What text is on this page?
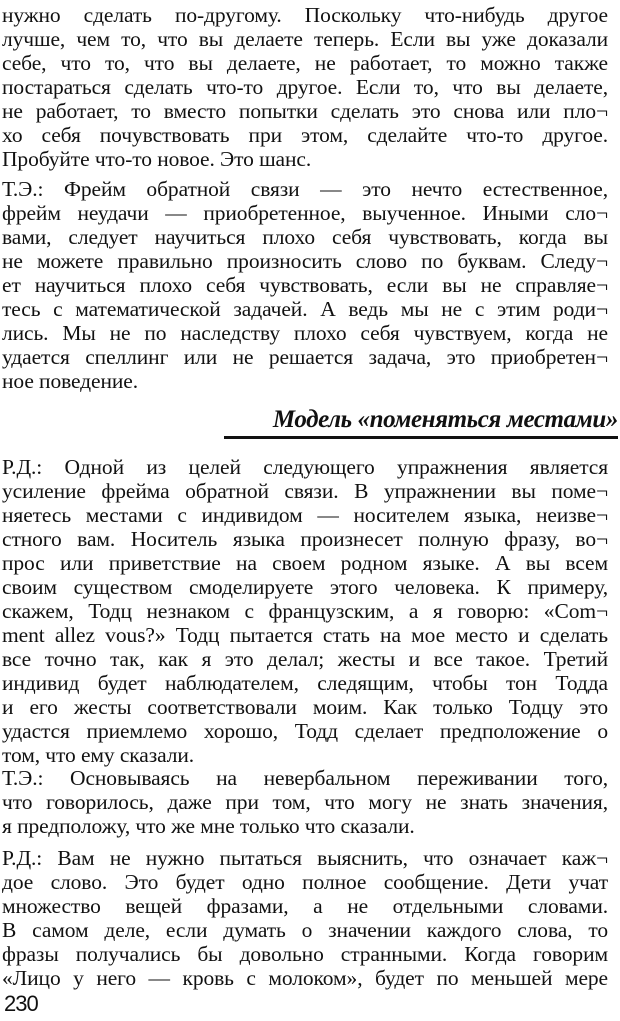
нужно сделать по-другому. Поскольку что-нибудь другое
лучше, чем то, что вы делаете теперь. Если вы уже доказали
себе, что то, что вы делаете, не работает, то можно также
постараться сделать что-то другое. Если то, что вы делаете,
не работает, то вместо попытки сделать это снова или пло¬
хо себя почувствовать при этом, сделайте что-то другое.
Пробуйте что-то новое. Это шанс.
Т.Э.: Фрейм обратной связи — это нечто естественное,
фрейм неудачи — приобретенное, выученное. Иными сло¬
вами, следует научиться плохо себя чувствовать, когда вы
не можете правильно произносить слово по буквам. Следу¬
ет научиться плохо себя чувствовать, если вы не справляе¬
тесь с математической задачей. А ведь мы не с этим роди¬
лись. Мы не по наследству плохо себя чувствуем, когда не
удается спеллинг или не решается задача, это приобретен¬
ное поведение.
Модель «поменяться местами»
Р.Д.: Одной из целей следующего упражнения является
усиление фрейма обратной связи. В упражнении вы поме¬
няетесь местами с индивидом — носителем языка, неизве¬
стного вам. Носитель языка произнесет полную фразу, во¬
прос или приветствие на своем родном языке. А вы всем
своим существом смоделируете этого человека. К примеру,
скажем, Тодц незнаком с французским, а я говорю: «Com¬
ment allez vous?» Тодц пытается стать на мое место и сделать
все точно так, как я это делал; жесты и все такое. Третий
индивид будет наблюдателем, следящим, чтобы тон Тодда
и его жесты соответствовали моим. Как только Тодцу это
удастся приемлемо хорошо, Тодд сделает предположение о
том, что ему сказали.
Т.Э.: Основываясь на невербальном переживании того,
что говорилось, даже при том, что могу не знать значения,
я предположу, что же мне только что сказали.
Р.Д.: Вам не нужно пытаться выяснить, что означает каж¬
дое слово. Это будет одно полное сообщение. Дети учат
множество вещей фразами, а не отдельными словами.
В самом деле, если думать о значении каждого слова, то
фразы получались бы довольно странными. Когда говорим
«Лицо у него — кровь с молоком», будет по меньшей мере
230
